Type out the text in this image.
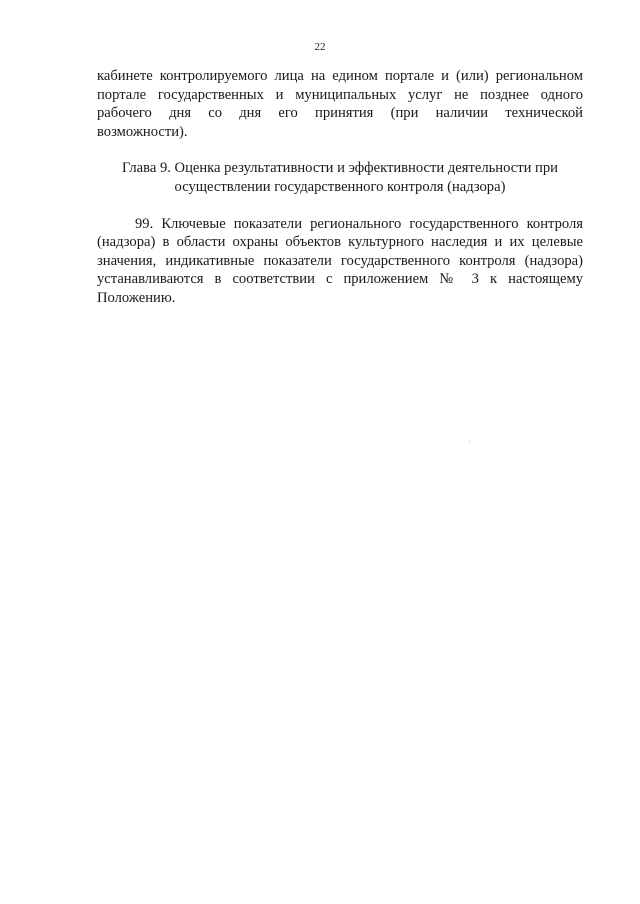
22

кабинете контролируемого лица на едином портале и (или) региональном
портале государственных и муниципальных услуг не позднее одного
рабочего дня со дня его принятия (при наличии технической
возможности).

Глава 9. Оценка результативности и эффективности деятельности при
осуществлении государственного контроля (надзора)

99. Ключевые показатели регионального государственного контроля
(надзора) в области охраны объектов культурного наследия и их целевые
значения, индикативные показатели государственного контроля (надзора)
устанавливаются в соответствии с приложением № 3 к настоящему
Положению.
